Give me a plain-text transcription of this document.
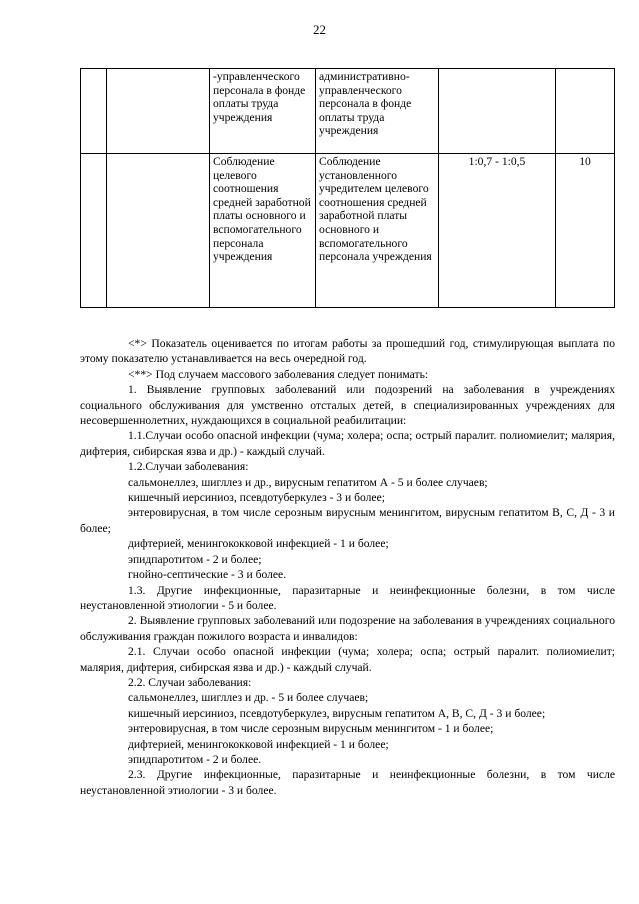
22
		-управленческого персонала в фонде оплаты труда учреждения	административно-управленческого персонала в фонде оплаты труда учреждения		
		Соблюдение целевого соотношения средней заработной платы основного и вспомогательного персонала учреждения	Соблюдение установленного учредителем целевого соотношения средней заработной платы основного и вспомогательного персонала учреждения	1:0,7 - 1:0,5	10

<*> Показатель оценивается по итогам работы за прошедший год, стимулирующая выплата по этому показателю устанавливается на весь очередной год.

<**> Под случаем массового заболевания следует понимать:

1. Выявление групповых заболеваний или подозрений на заболевания в учреждениях социального обслуживания для умственно отсталых детей, в специализированных учреждениях для несовершеннолетних, нуждающихся в социальной реабилитации:

1.1.Случаи особо опасной инфекции (чума; холера; оспа; острый паралит. полиомиелит; малярия, дифтерия, сибирская язва и др.) - каждый случай.

1.2.Случаи заболевания:

сальмонеллез, шигллез и др., вирусным гепатитом А - 5 и более случаев;

кишечный иерсиниоз, псевдотуберкулез - 3 и более;

энтеровирусная, в том числе серозным вирусным менингитом, вирусным гепатитом В, С, Д - 3 и более;

дифтерией, менингококковой инфекцией - 1 и более;

эпидпаротитом - 2 и более;

гнойно-септические - 3 и более.

1.3. Другие инфекционные, паразитарные и неинфекционные болезни, в том числе неустановленной этиологии - 5 и более.

2. Выявление групповых заболеваний или подозрение на заболевания в учреждениях социального обслуживания граждан пожилого возраста и инвалидов:

2.1. Случаи особо опасной инфекции (чума; холера; оспа; острый паралит. полиомиелит; малярия, дифтерия, сибирская язва и др.) - каждый случай.

2.2. Случаи заболевания:

сальмонеллез, шигллез и др. - 5 и более случаев;

кишечный иерсиниоз, псевдотуберкулез, вирусным гепатитом А, В, С, Д - 3 и более;

энтеровирусная, в том числе серозным вирусным менингитом - 1 и более;

дифтерией, менингококковой инфекцией - 1 и более;

эпидпаротитом - 2 и более.

2.3. Другие инфекционные, паразитарные и неинфекционные болезни, в том числе неустановленной этиологии - 3 и более.
